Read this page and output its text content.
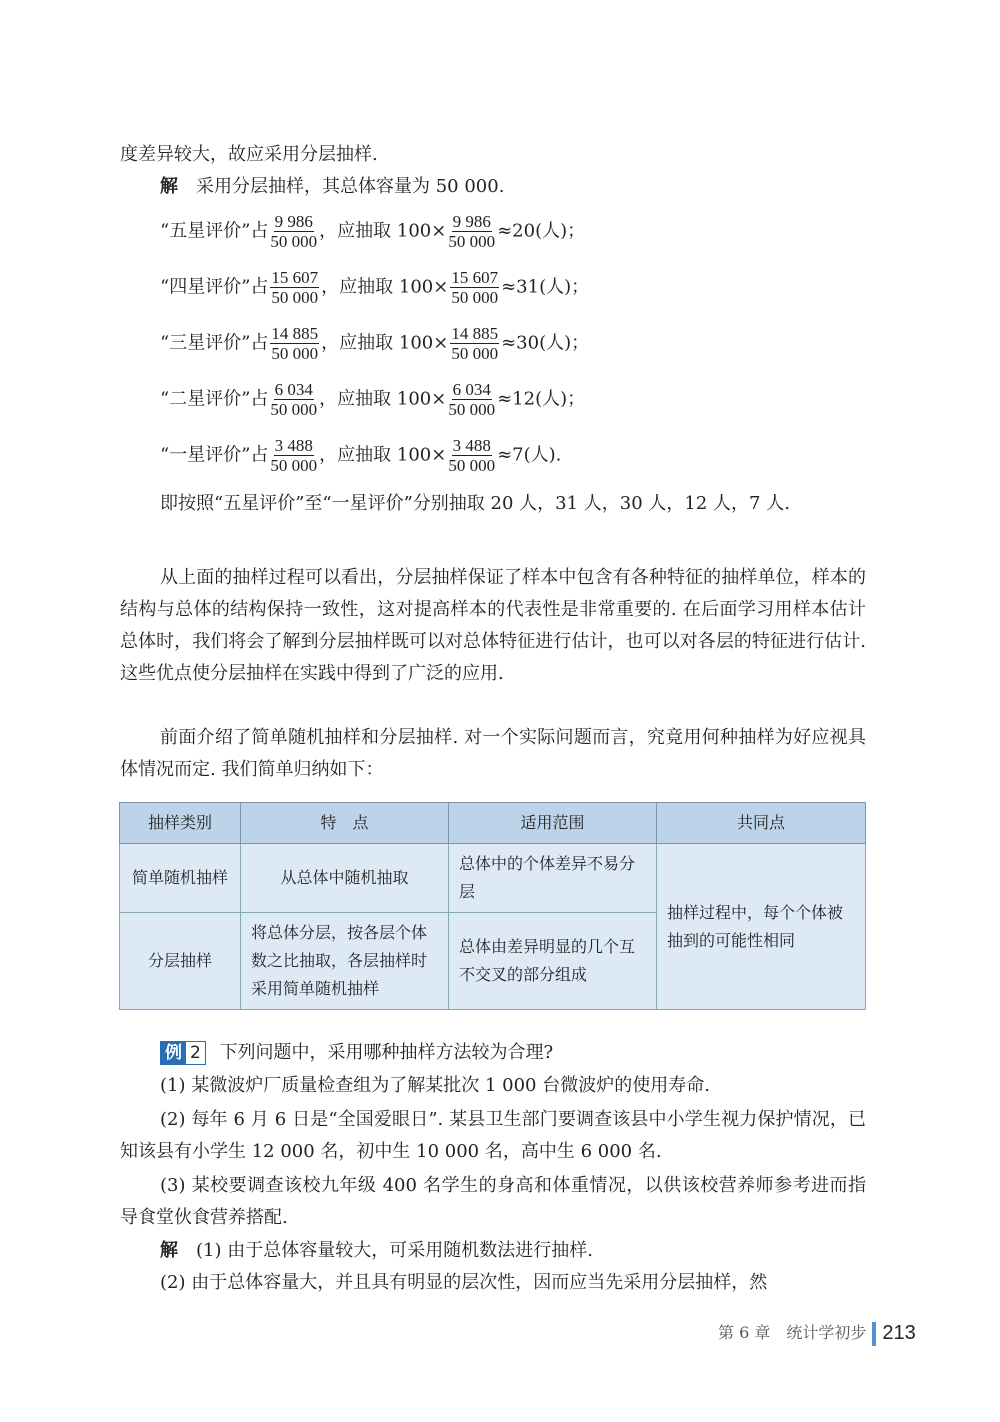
度差异较大，故应采用分层抽样.
解　 采用分层抽样，其总体容量为 50 000.
“五星评价”占 $\frac{9 986}{50 000}$ ，应抽取 $100\times \frac{9 986}{50 000} \approx 20$(人)；
“四星评价”占 $\frac{15 607}{50 000}$ ，应抽取 $100\times \frac{15 607}{50 000} \approx 31$(人)；
“三星评价”占 $\frac{14 885}{50 000}$ ，应抽取 $100\times \frac{14 885}{50 000} \approx 30$(人)；
“二星评价”占 $\frac{6 034}{50 000}$ ，应抽取 $100\times \frac{6 034}{50 000} \approx 12$(人)；
“一星评价”占 $\frac{3 488}{50 000}$ ，应抽取 $100\times \frac{3 488}{50 000} \approx 7$(人).
即按照“五星评价”至“一星评价”分别抽取 20 人，31 人，30 人，12 人，7 人.
从上面的抽样过程可以看出，分层抽样保证了样本中包含有各种特征的抽样单位，样本的结构与总体的结构保持一致性，这对提高样本的代表性是非常重要的. 在后面学习用样本估计总体时，我们将会了解到分层抽样既可以对总体特征进行估计，也可以对各层的特征进行估计. 这些优点使分层抽样在实践中得到了广泛的应用.
前面介绍了简单随机抽样和分层抽样. 对一个实际问题而言，究竟用何种抽样为好应视具体情况而定. 我们简单归纳如下：
抽样类别	特　点	适用范围	共同点
简单随机抽样	从总体中随机抽取	总体中的个体差异不易分层	抽样过程中，每个个体被抽到的可能性相同
分层抽样	将总体分层，按各层个体数之比抽取，各层抽样时采用简单随机抽样	总体由差异明显的几个互不交叉的部分组成	
例 2 下列问题中，采用哪种抽样方法较为合理?
(1) 某微波炉厂质量检查组为了解某批次 1 000 台微波炉的使用寿命.
(2) 每年 6 月 6 日是“全国爱眼日”. 某县卫生部门要调查该县中小学生视力保护情况，已知该县有小学生 12 000 名，初中生 10 000 名，高中生 6 000 名.
(3) 某校要调查该校九年级 400 名学生的身高和体重情况，以供该校营养师参考进而指导食堂伙食营养搭配.
解　 (1) 由于总体容量较大，可采用随机数法进行抽样.
(2) 由于总体容量大，并且具有明显的层次性，因而应当先采用分层抽样，然
第 6 章　统计学初步 213
